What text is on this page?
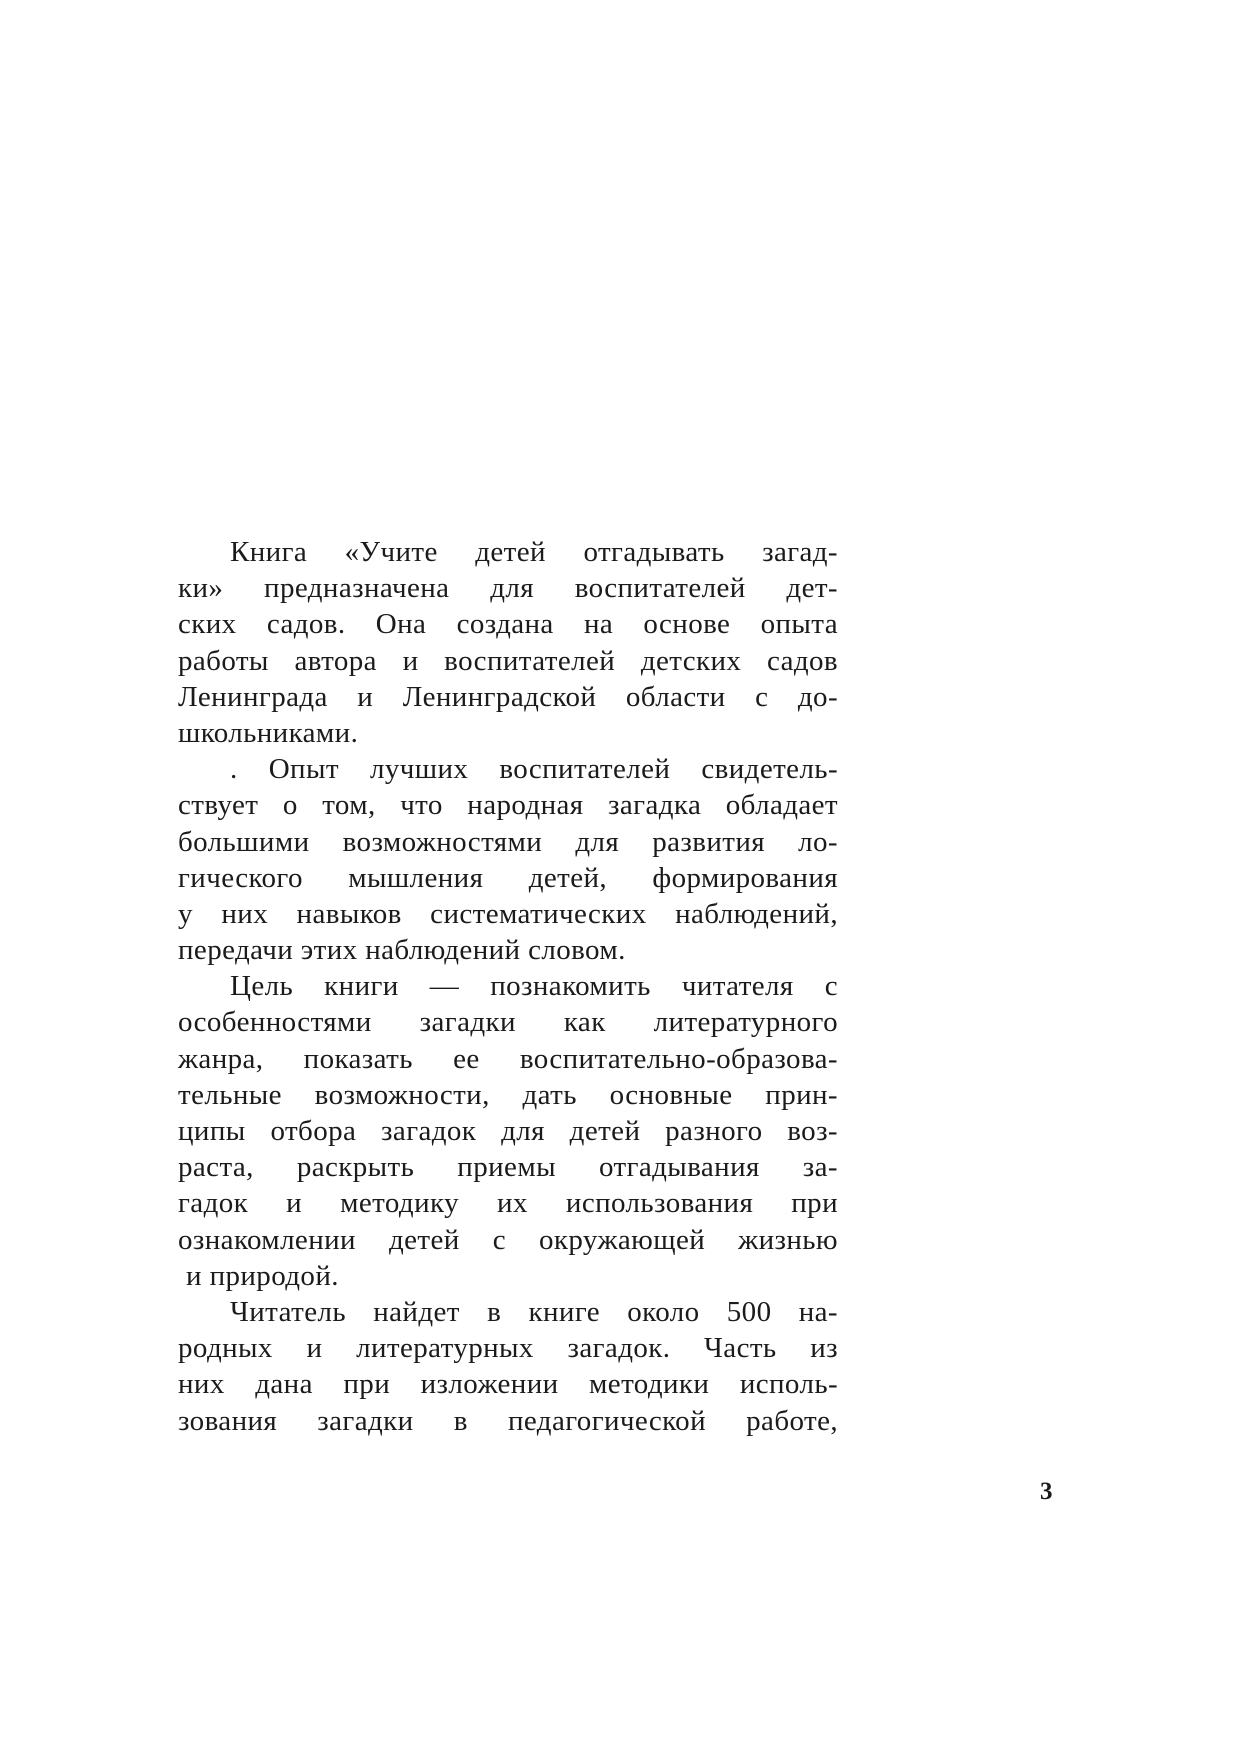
Книга «Учите детей отгадывать загад-
ки» предназначена для воспитателей дет-
ских садов. Она создана на основе опыта
работы автора и воспитателей детских садов
Ленинграда и Ленинградской области с до-
школьниками.
. Опыт лучших воспитателей свидетель-
ствует о том, что народная загадка обладает
большими возможностями для развития ло-
гического мышления детей, формирования
у них навыков систематических наблюдений,
передачи этих наблюдений словом.
Цель книги — познакомить читателя с
особенностями загадки как литературного
жанра, показать ее воспитательно-образова-
тельные возможности, дать основные прин-
ципы отбора загадок для детей разного воз-
раста, раскрыть приемы отгадывания за-
гадок и методику их использования при
ознакомлении детей с окружающей жизнью
и природой.
Читатель найдет в книге около 500 на-
родных и литературных загадок. Часть из
них дана при изложении методики исполь-
зования загадки в педагогической работе,
3
